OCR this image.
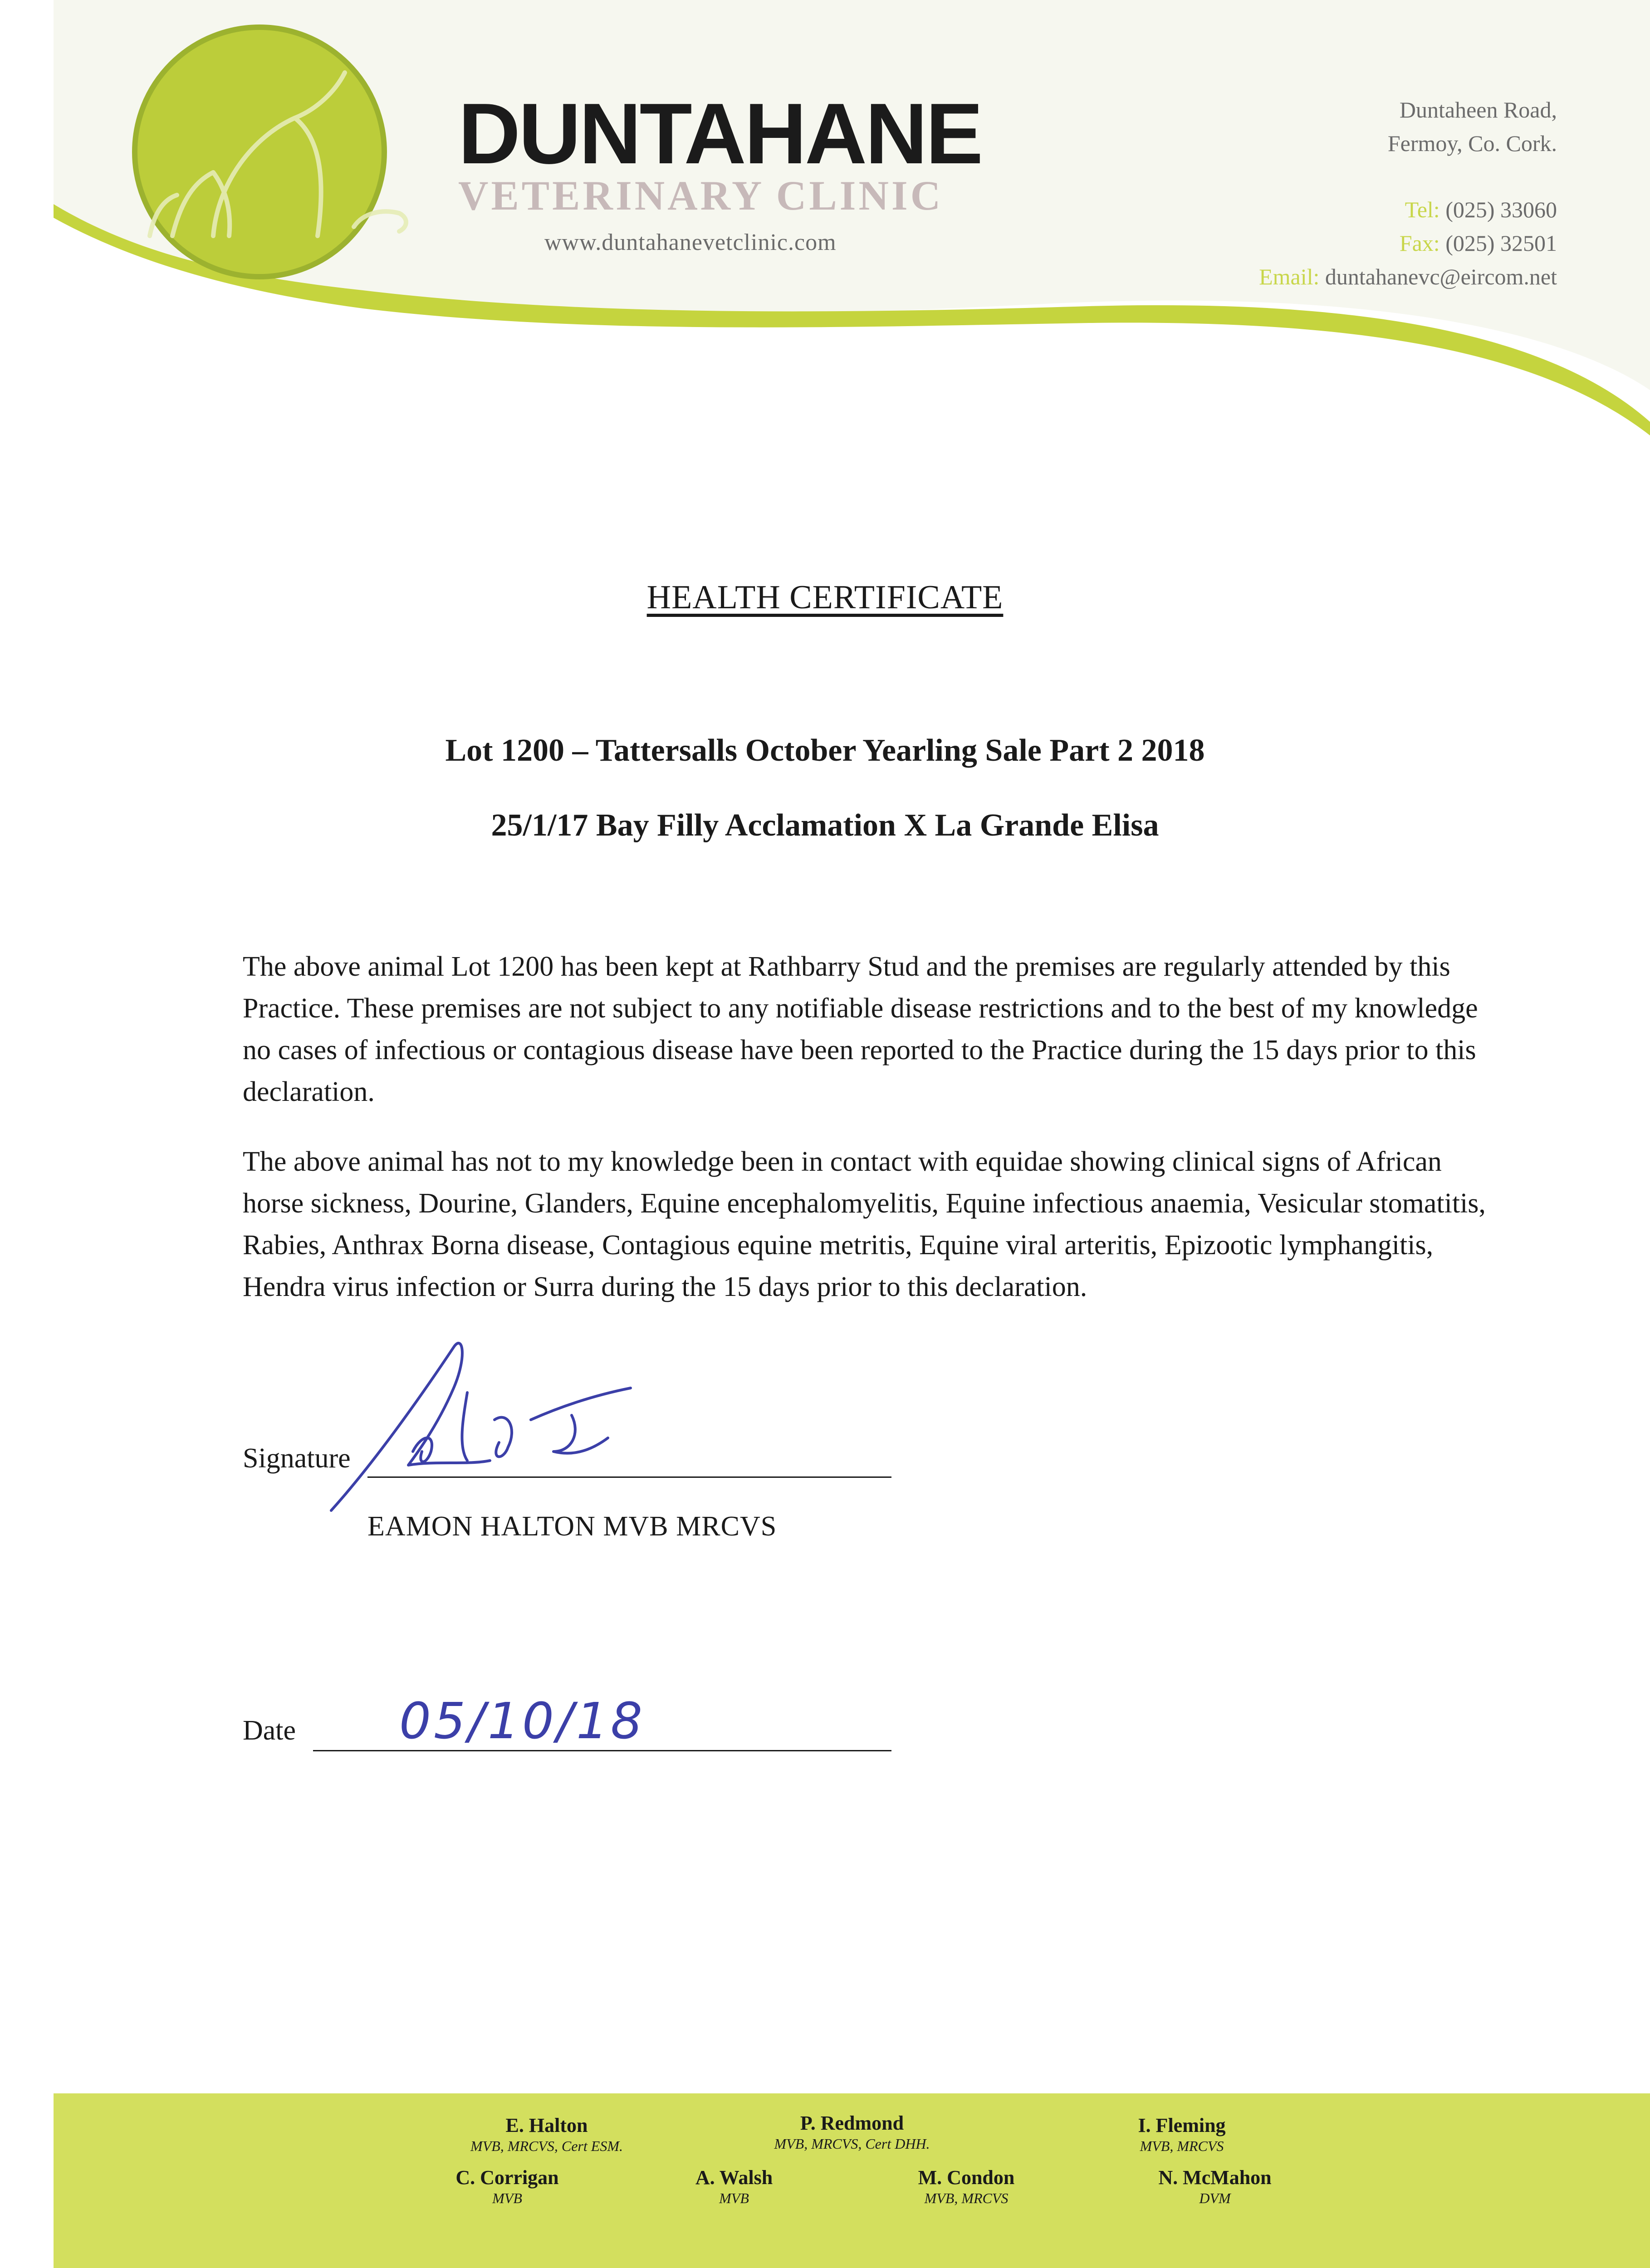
DUNTAHANE
VETERINARY CLINIC
www.duntahanevetclinic.com
Duntaheen Road,
Fermoy, Co. Cork.
Tel: (025) 33060
Fax: (025) 32501
Email: duntahanevc@eircom.net
HEALTH CERTIFICATE
Lot 1200 – Tattersalls October Yearling Sale Part 2 2018
25/1/17 Bay Filly Acclamation X La Grande Elisa

The above animal Lot 1200 has been kept at Rathbarry Stud and the premises are regularly attended by this Practice. These premises are not subject to any notifiable disease restrictions and to the best of my knowledge no cases of infectious or contagious disease have been reported to the Practice during the 15 days prior to this declaration.

The above animal has not to my knowledge been in contact with equidae showing clinical signs of African horse sickness, Dourine, Glanders, Equine encephalomyelitis, Equine infectious anaemia, Vesicular stomatitis, Rabies, Anthrax Borna disease, Contagious equine metritis, Equine viral arteritis, Epizootic lymphangitis, Hendra virus infection or Surra during the 15 days prior to this declaration.

Signature
EAMON HALTON MVB MRCVS
Date 05/10/18
E. Halton
MVB, MRCVS, Cert ESM.
P. Redmond
MVB, MRCVS, Cert DHH.
I. Fleming
MVB, MRCVS
C. Corrigan
MVB
A. Walsh
MVB
M. Condon
MVB, MRCVS
N. McMahon
DVM
